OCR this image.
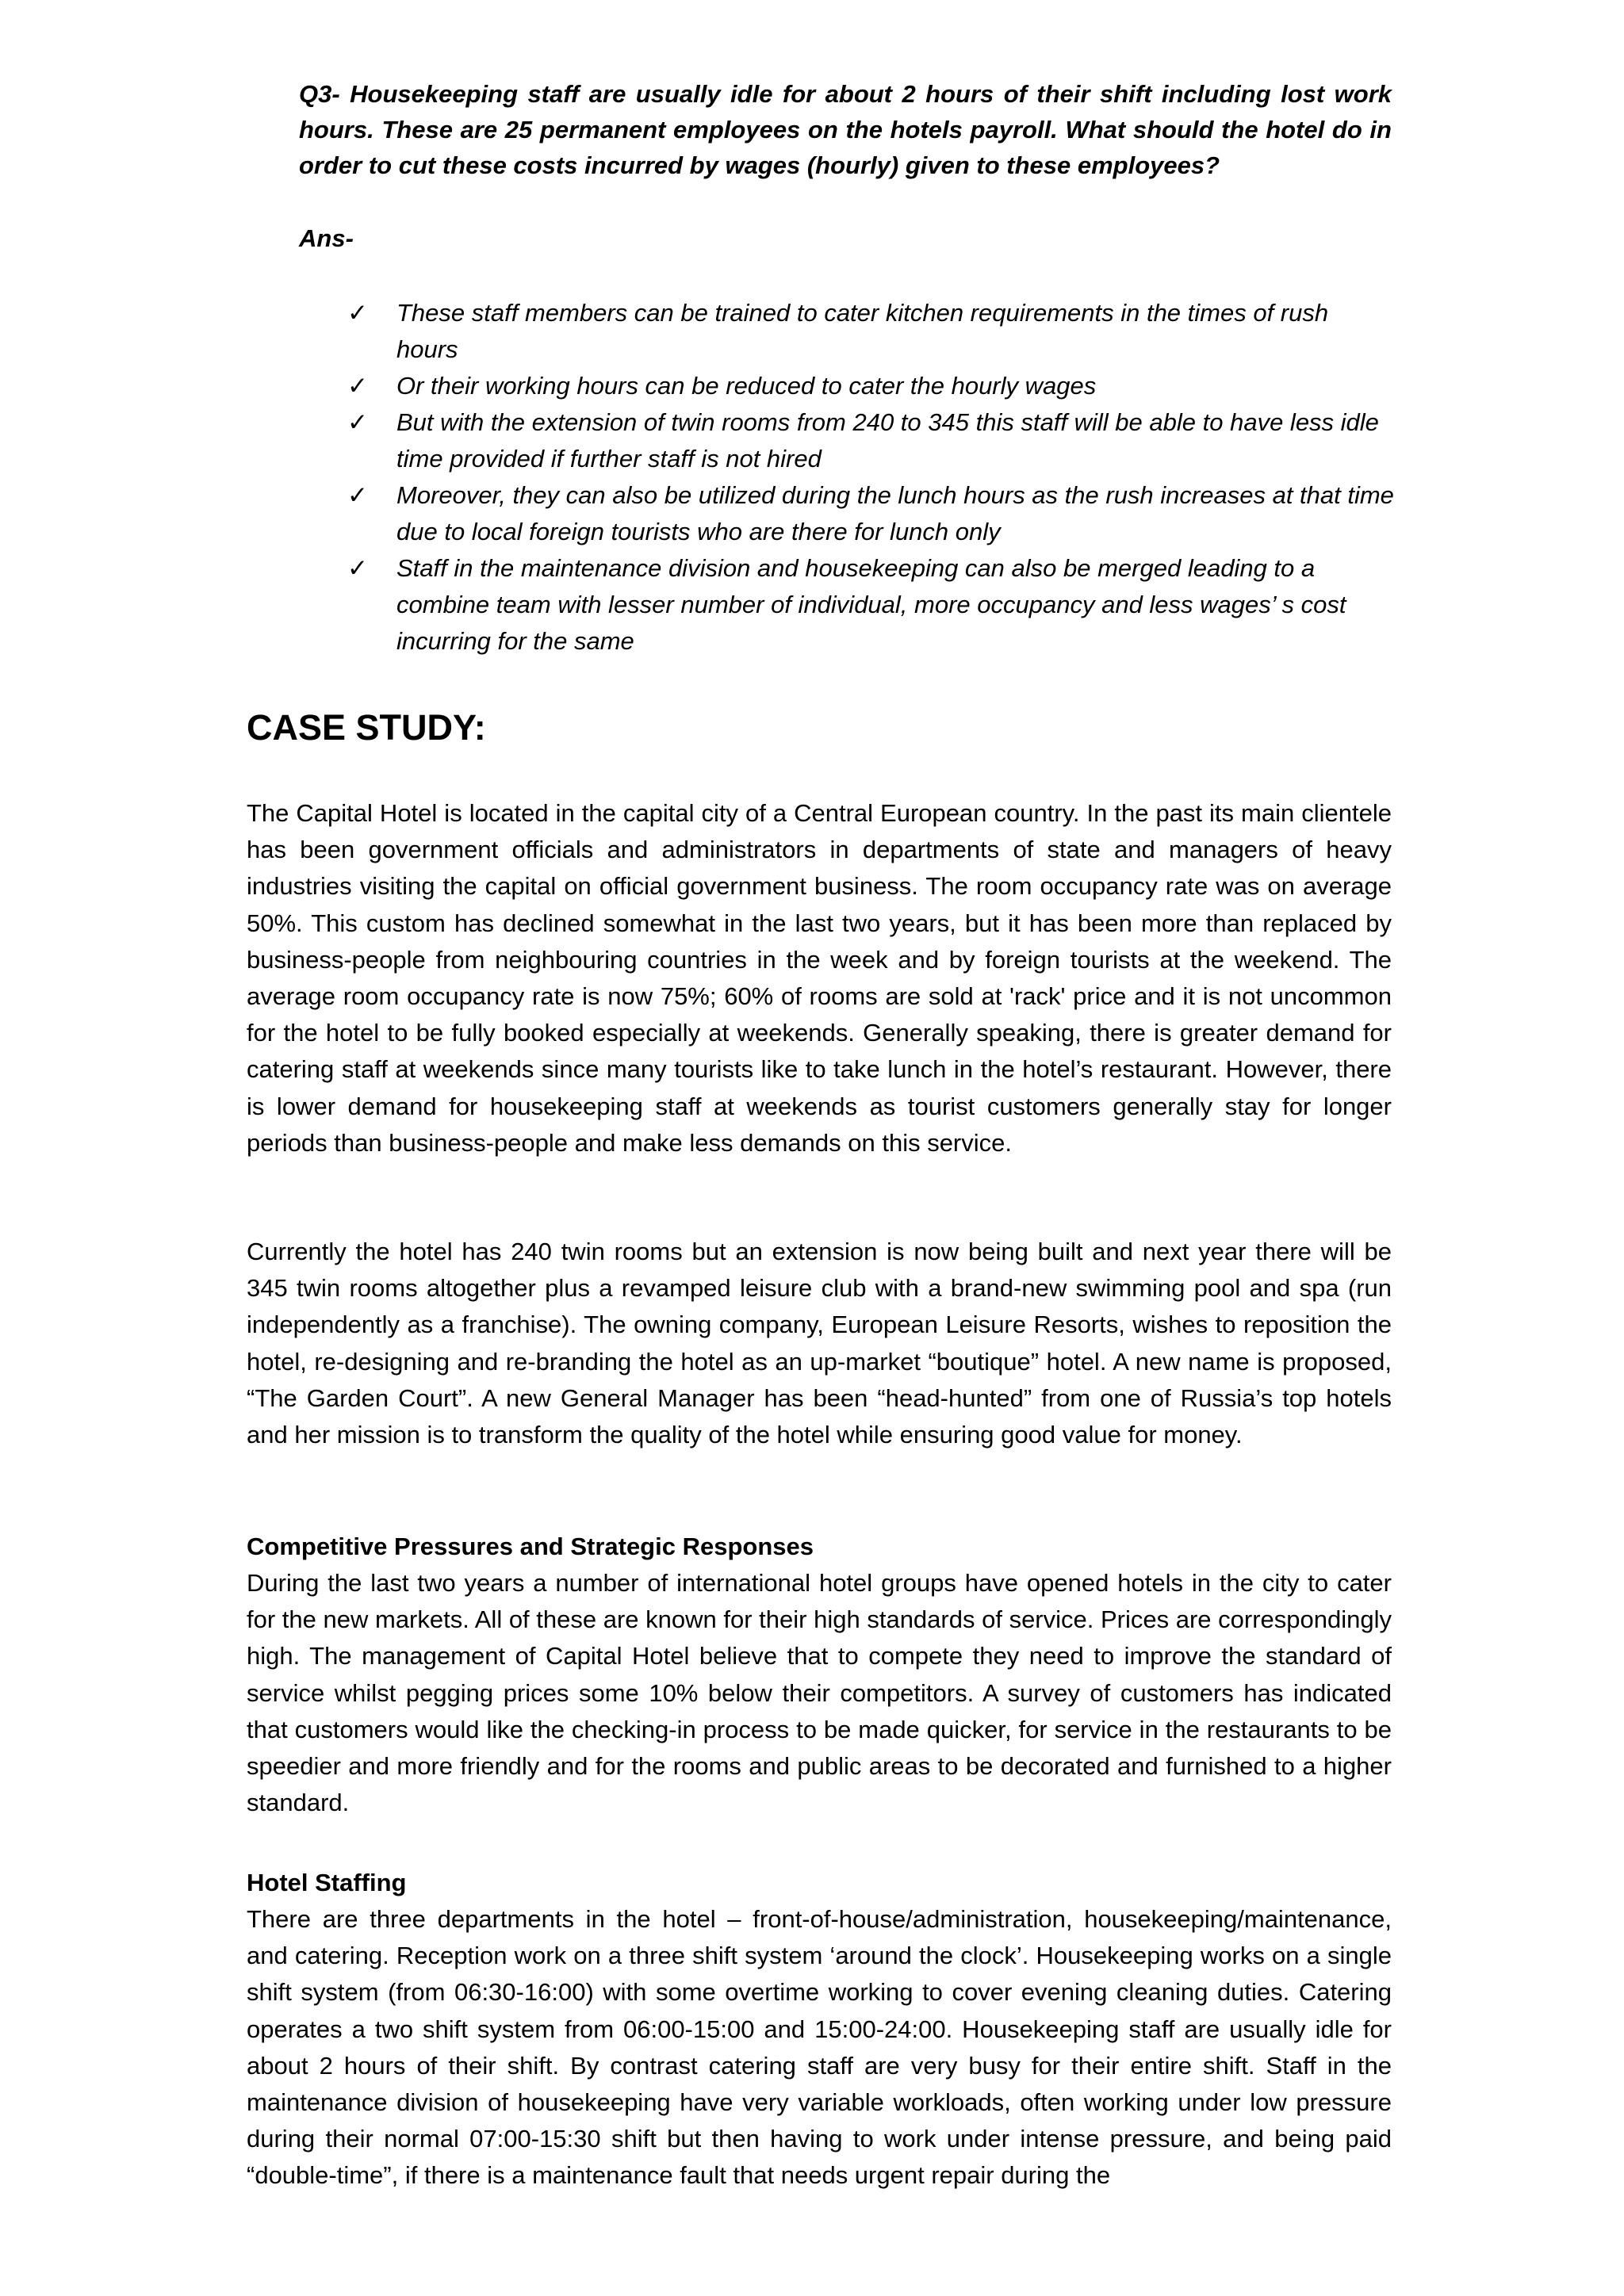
Q3- Housekeeping staff are usually idle for about 2 hours of their shift including lost work hours. These are 25 permanent employees on the hotels payroll. What should the hotel do in order to cut these costs incurred by wages (hourly) given to these employees?

Ans-

✓ These staff members can be trained to cater kitchen requirements in the times of rush hours
✓ Or their working hours can be reduced to cater the hourly wages
✓ But with the extension of twin rooms from 240 to 345 this staff will be able to have less idle time provided if further staff is not hired
✓ Moreover, they can also be utilized during the lunch hours as the rush increases at that time due to local foreign tourists who are there for lunch only
✓ Staff in the maintenance division and housekeeping can also be merged leading to a combine team with lesser number of individual, more occupancy and less wages’ s cost incurring for the same
CASE STUDY:

The Capital Hotel is located in the capital city of a Central European country. In the past its main clientele has been government officials and administrators in departments of state and managers of heavy industries visiting the capital on official government business. The room occupancy rate was on average 50%. This custom has declined somewhat in the last two years, but it has been more than replaced by business-people from neighbouring countries in the week and by foreign tourists at the weekend. The average room occupancy rate is now 75%; 60% of rooms are sold at 'rack' price and it is not uncommon for the hotel to be fully booked especially at weekends. Generally speaking, there is greater demand for catering staff at weekends since many tourists like to take lunch in the hotel’s restaurant. However, there is lower demand for housekeeping staff at weekends as tourist customers generally stay for longer periods than business-people and make less demands on this service.

Currently the hotel has 240 twin rooms but an extension is now being built and next year there will be 345 twin rooms altogether plus a revamped leisure club with a brand-new swimming pool and spa (run independently as a franchise). The owning company, European Leisure Resorts, wishes to reposition the hotel, re-designing and re-branding the hotel as an up-market “boutique” hotel. A new name is proposed, “The Garden Court”. A new General Manager has been “head-hunted” from one of Russia’s top hotels and her mission is to transform the quality of the hotel while ensuring good value for money.

Competitive Pressures and Strategic Responses

During the last two years a number of international hotel groups have opened hotels in the city to cater for the new markets. All of these are known for their high standards of service. Prices are correspondingly high. The management of Capital Hotel believe that to compete they need to improve the standard of service whilst pegging prices some 10% below their competitors. A survey of customers has indicated that customers would like the checking-in process to be made quicker, for service in the restaurants to be speedier and more friendly and for the rooms and public areas to be decorated and furnished to a higher standard.

Hotel Staffing

There are three departments in the hotel – front-of-house/administration, housekeeping/maintenance, and catering. Reception work on a three shift system ‘around the clock’. Housekeeping works on a single shift system (from 06:30-16:00) with some overtime working to cover evening cleaning duties. Catering operates a two shift system from 06:00-15:00 and 15:00-24:00. Housekeeping staff are usually idle for about 2 hours of their shift. By contrast catering staff are very busy for their entire shift. Staff in the maintenance division of housekeeping have very variable workloads, often working under low pressure during their normal 07:00-15:30 shift but then having to work under intense pressure, and being paid “double-time”, if there is a maintenance fault that needs urgent repair during the
